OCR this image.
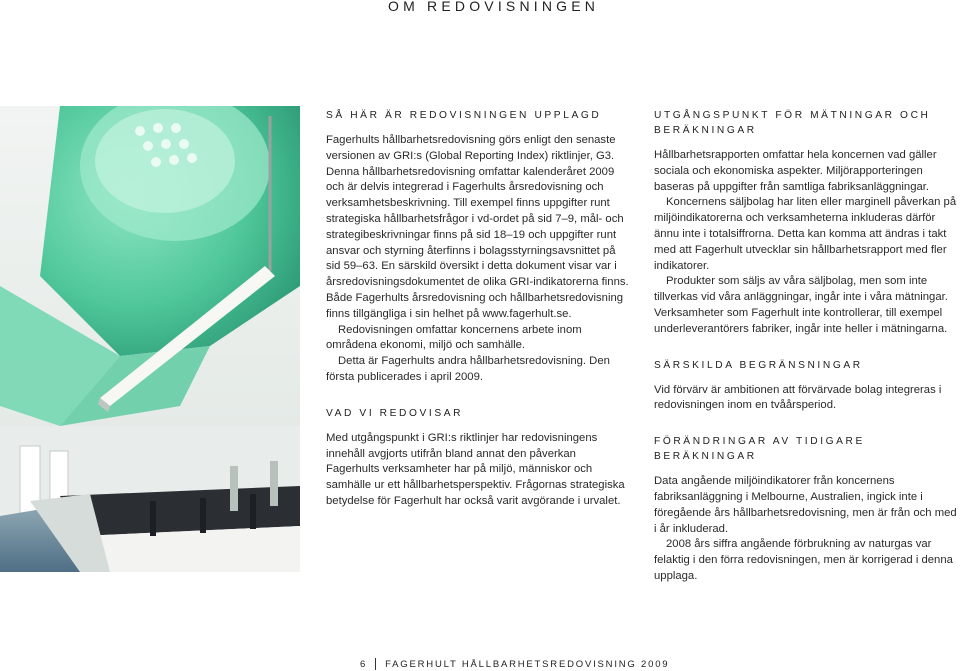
OM REDOVISNINGEN
SÅ HÄR ÄR REDOVISNINGEN UPPLAGD

Fagerhults hållbarhetsredovisning görs enligt den senaste versionen av GRI:s (Global Reporting Index) riktlinjer, G3. Denna hållbarhetsredovisning omfattar kalenderåret 2009 och är delvis integrerad i Fagerhults årsredovisning och verksamhetsbeskrivning. Till exempel finns uppgifter runt strategiska hållbarhetsfrågor i vd-ordet på sid 7–9, mål- och strategibeskrivningar finns på sid 18–19 och uppgifter runt ansvar och styrning återfinns i bolagsstyrningsavsnittet på sid 59–63. En särskild översikt i detta dokument visar var i årsredovisningsdokumentet de olika GRI-indikatorerna finns. Både Fagerhults årsredovisning och hållbarhetsredovisning finns tillgängliga i sin helhet på www.fagerhult.se.

Redovisningen omfattar koncernens arbete inom områdena ekonomi, miljö och samhälle.

Detta är Fagerhults andra hållbarhetsredovisning. Den första publicerades i april 2009.

VAD VI REDOVISAR

Med utgångspunkt i GRI:s riktlinjer har redovisningens innehåll avgjorts utifrån bland annat den påverkan Fagerhults verksamheter har på miljö, människor och samhälle ur ett hållbarhetsperspektiv. Frågornas strategiska betydelse för Fagerhult har också varit avgörande i urvalet.

UTGÅNGSPUNKT FÖR MÄTNINGAR OCH BERÄKNINGAR

Hållbarhetsrapporten omfattar hela koncernen vad gäller sociala och ekonomiska aspekter. Miljörapporteringen baseras på uppgifter från samtliga fabriksanläggningar.

Koncernens säljbolag har liten eller marginell påverkan på miljöindikatorerna och verksamheterna inkluderas därför ännu inte i totalsiffrorna. Detta kan komma att ändras i takt med att Fagerhult utvecklar sin hållbarhetsrapport med fler indikatorer.

Produkter som säljs av våra säljbolag, men som inte tillverkas vid våra anläggningar, ingår inte i våra mätningar. Verksamheter som Fagerhult inte kontrollerar, till exempel underleverantörers fabriker, ingår inte heller i mätningarna.

SÄRSKILDA BEGRÄNSNINGAR

Vid förvärv är ambitionen att förvärvade bolag integreras i redovisningen inom en tvåårsperiod.

FÖRÄNDRINGAR AV TIDIGARE BERÄKNINGAR

Data angående miljöindikatorer från koncernens fabriksanläggning i Melbourne, Australien, ingick inte i föregående års hållbarhetsredovisning, men är från och med i år inkluderad.

2008 års siffra angående förbrukning av naturgas var felaktig i den förra redovisningen, men är korrigerad i denna upplaga.

6 FAGERHULT HÅLLBARHETSREDOVISNING 2009
